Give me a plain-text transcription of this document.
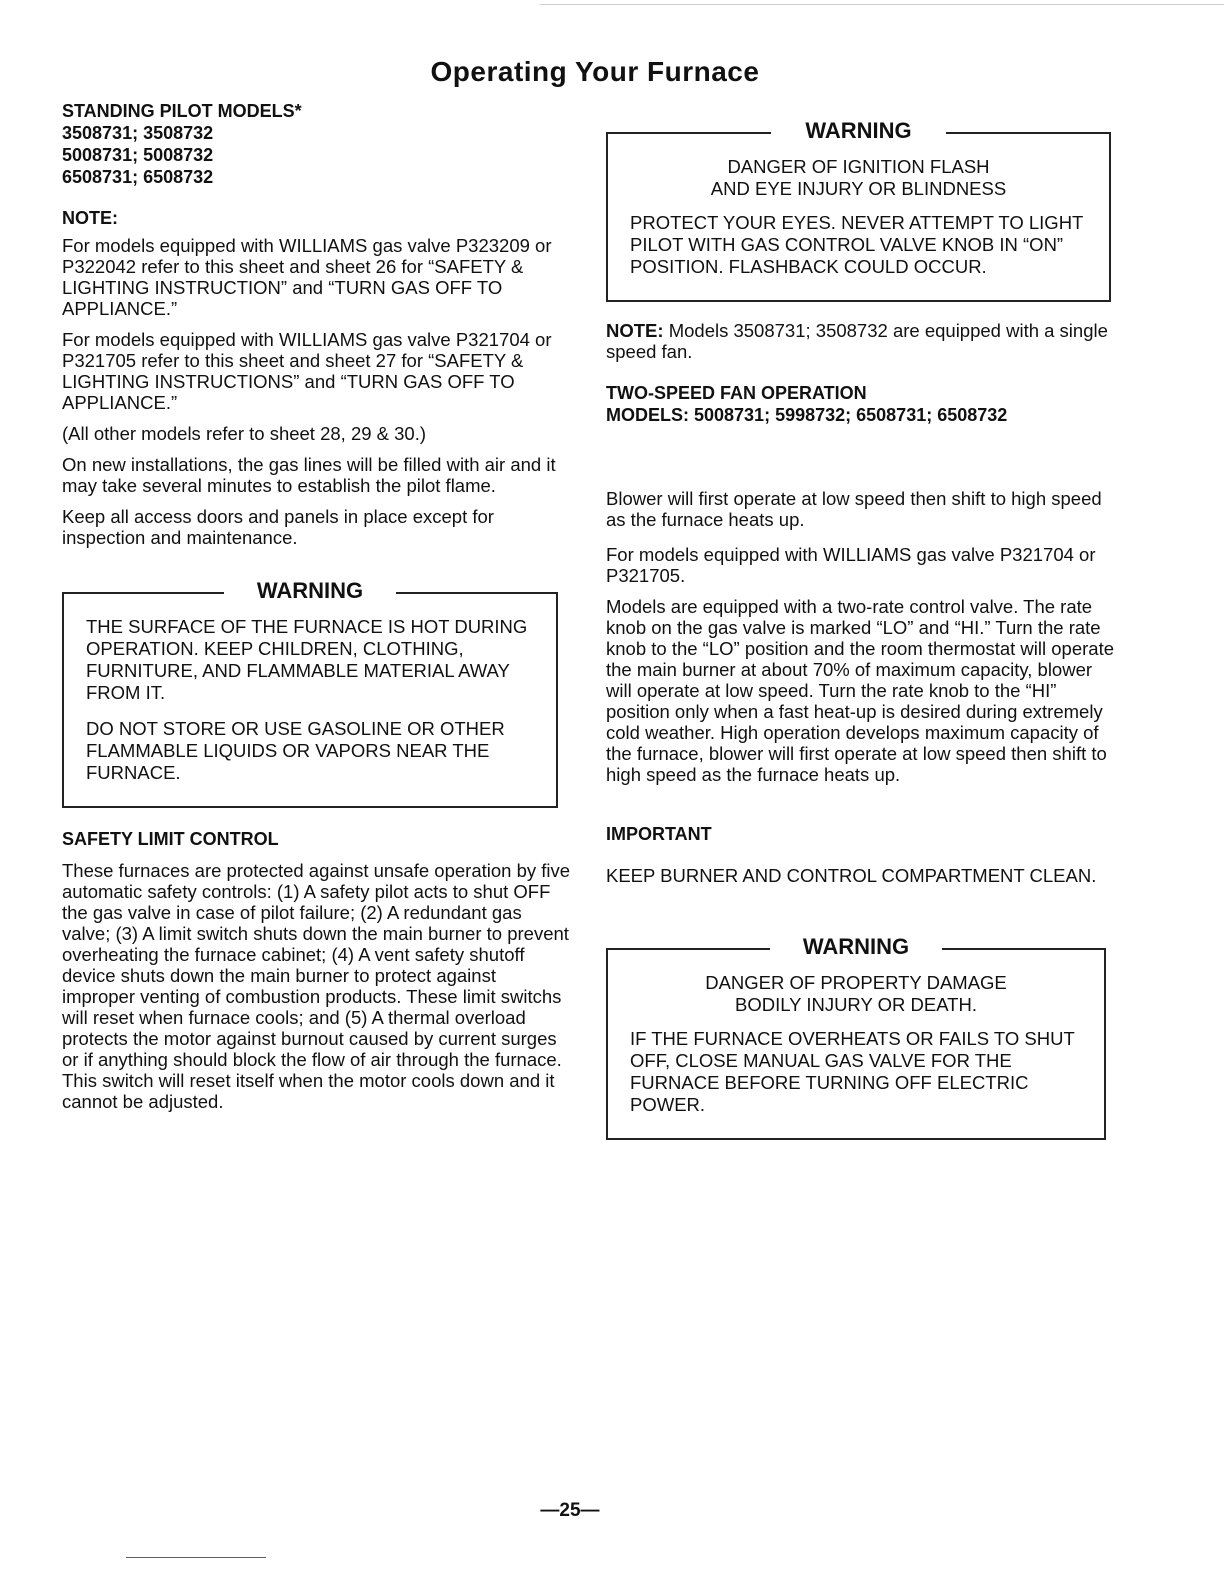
Operating Your Furnace
STANDING PILOT MODELS*
3508731; 3508732
5008731; 5008732
6508731; 6508732
NOTE:

For models equipped with WILLIAMS gas valve P323209 or P322042 refer to this sheet and sheet 26 for “SAFETY & LIGHTING INSTRUCTION” and “TURN GAS OFF TO APPLIANCE.”

For models equipped with WILLIAMS gas valve P321704 or P321705 refer to this sheet and sheet 27 for “SAFETY & LIGHTING INSTRUCTIONS” and “TURN GAS OFF TO APPLIANCE.”

(All other models refer to sheet 28, 29 & 30.)

On new installations, the gas lines will be filled with air and it may take several minutes to establish the pilot flame.

Keep all access doors and panels in place except for inspection and maintenance.

WARNING

THE SURFACE OF THE FURNACE IS HOT DURING OPERATION. KEEP CHILDREN, CLOTHING, FURNITURE, AND FLAMMABLE MATERIAL AWAY FROM IT.

DO NOT STORE OR USE GASOLINE OR OTHER FLAMMABLE LIQUIDS OR VAPORS NEAR THE FURNACE.

SAFETY LIMIT CONTROL

These furnaces are protected against unsafe operation by five automatic safety controls: (1) A safety pilot acts to shut OFF the gas valve in case of pilot failure; (2) A redundant gas valve; (3) A limit switch shuts down the main burner to prevent overheating the furnace cabinet; (4) A vent safety shutoff device shuts down the main burner to protect against improper venting of combustion products. These limit switchs will reset when furnace cools; and (5) A thermal overload protects the motor against burnout caused by current surges or if anything should block the flow of air through the furnace. This switch will reset itself when the motor cools down and it cannot be adjusted.

WARNING
DANGER OF IGNITION FLASH
AND EYE INJURY OR BLINDNESS

PROTECT YOUR EYES. NEVER ATTEMPT TO LIGHT PILOT WITH GAS CONTROL VALVE KNOB IN “ON” POSITION. FLASHBACK COULD OCCUR.

NOTE: Models 3508731; 3508732 are equipped with a single speed fan.

TWO-SPEED FAN OPERATION
MODELS: 5008731; 5998732; 6508731; 6508732

Blower will first operate at low speed then shift to high speed as the furnace heats up.

For models equipped with WILLIAMS gas valve P321704 or P321705.

Models are equipped with a two-rate control valve. The rate knob on the gas valve is marked “LO” and “HI.” Turn the rate knob to the “LO” position and the room thermostat will operate the main burner at about 70% of maximum capacity, blower will operate at low speed. Turn the rate knob to the “HI” position only when a fast heat-up is desired during extremely cold weather. High operation develops maximum capacity of the furnace, blower will first operate at low speed then shift to high speed as the furnace heats up.

IMPORTANT

KEEP BURNER AND CONTROL COMPARTMENT CLEAN.

WARNING
DANGER OF PROPERTY DAMAGE
BODILY INJURY OR DEATH.

IF THE FURNACE OVERHEATS OR FAILS TO SHUT OFF, CLOSE MANUAL GAS VALVE FOR THE FURNACE BEFORE TURNING OFF ELECTRIC POWER.

—25—
